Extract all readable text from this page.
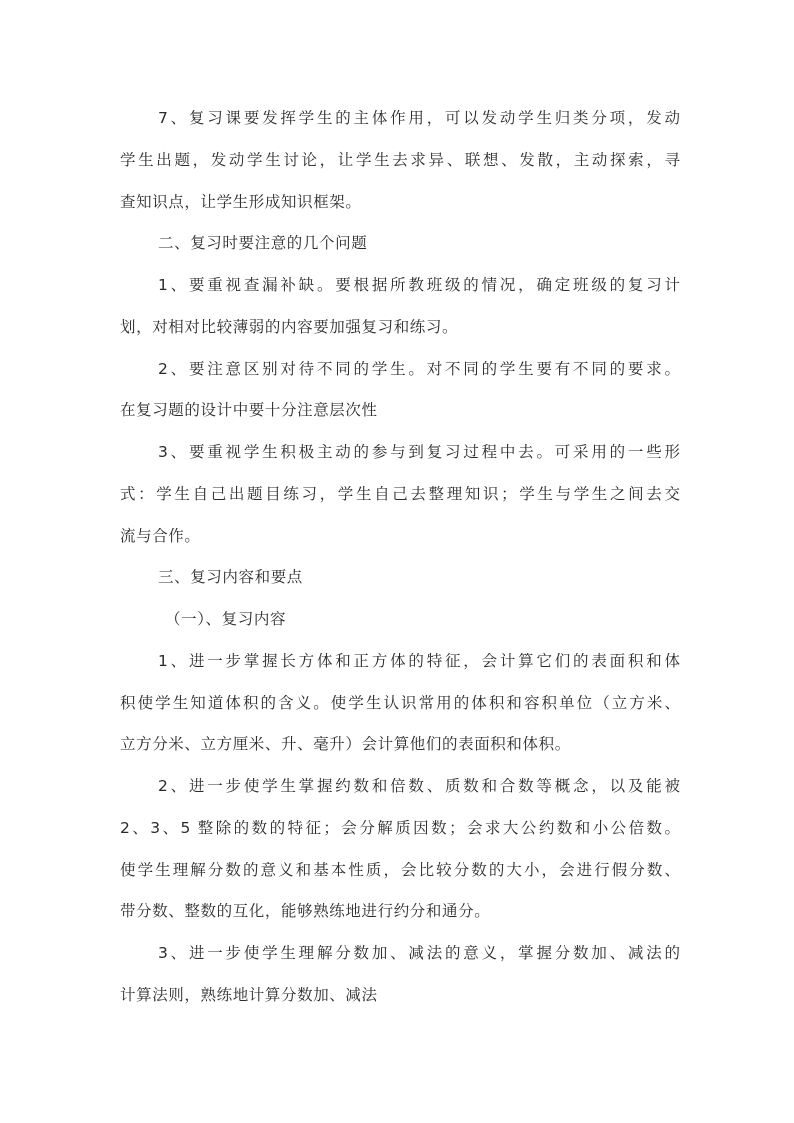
7、复习课要发挥学生的主体作用，可以发动学生归类分项，发动
学生出题，发动学生讨论，让学生去求异、联想、发散，主动探索，寻
查知识点，让学生形成知识框架。
二、复习时要注意的几个问题
1、要重视查漏补缺。要根据所教班级的情况，确定班级的复习计
划，对相对比较薄弱的内容要加强复习和练习。
2、要注意区别对待不同的学生。对不同的学生要有不同的要求。
在复习题的设计中要十分注意层次性
3、要重视学生积极主动的参与到复习过程中去。可采用的一些形
式：学生自己出题目练习，学生自己去整理知识；学生与学生之间去交
流与合作。
三、复习内容和要点
（一）、复习内容
1、进一步掌握长方体和正方体的特征，会计算它们的表面积和体
积使学生知道体积的含义。使学生认识常用的体积和容积单位（立方米、
立方分米、立方厘米、升、毫升）会计算他们的表面积和体积。
2、进一步使学生掌握约数和倍数、质数和合数等概念，以及能被
2、3、5 整除的数的特征；会分解质因数；会求大公约数和小公倍数。
使学生理解分数的意义和基本性质，会比较分数的大小，会进行假分数、
带分数、整数的互化，能够熟练地进行约分和通分。
3、进一步使学生理解分数加、减法的意义，掌握分数加、减法的
计算法则，熟练地计算分数加、减法
